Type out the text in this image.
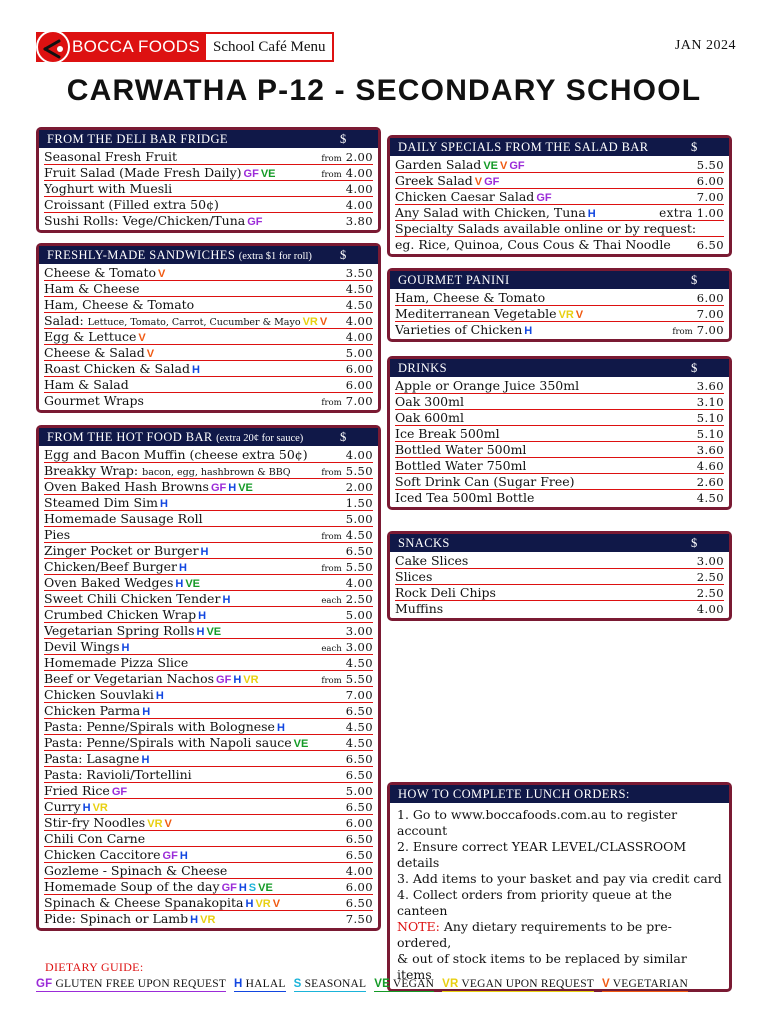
BOCCA FOODS School Café Menu	JAN 2024
CARWATHA P-12 - SECONDARY SCHOOL
FROM THE DELI BAR FRIDGE	$
Seasonal Fresh Fruit	from 2.00
Fruit Salad (Made Fresh Daily) GF VE	from 4.00
Yoghurt with Muesli	4.00
Croissant (Filled extra 50¢)	4.00
Sushi Rolls: Vege/Chicken/Tuna GF	3.80
FRESHLY-MADE SANDWICHES (extra $1 for roll) $
Cheese & Tomato V	3.50
Ham & Cheese	4.50
Ham, Cheese & Tomato	4.50
Salad: Lettuce, Tomato, Carrot, Cucumber & Mayo VR V	4.00
Egg & Lettuce V	4.00
Cheese & Salad V	5.00
Roast Chicken & Salad H	6.00
Ham & Salad	6.00
Gourmet Wraps	from 7.00
FROM THE HOT FOOD BAR (extra 20¢ for sauce)	$
Egg and Bacon Muffin (cheese extra 50¢)	4.00
Breakky Wrap: bacon, egg, hashbrown & BBQ	from 5.50
Oven Baked Hash Browns GF H VE	2.00
Steamed Dim Sim H	1.50
Homemade Sausage Roll	5.00
Pies	from 4.50
Zinger Pocket or Burger H	6.50
Chicken/Beef Burger H	from 5.50
Oven Baked Wedges H VE	4.00
Sweet Chili Chicken Tender H	each 2.50
Crumbed Chicken Wrap H	5.00
Vegetarian Spring Rolls H VE	3.00
Devil Wings H	each 3.00
Homemade Pizza Slice	4.50
Beef or Vegetarian Nachos GF H VR	from 5.50
Chicken Souvlaki H	7.00
Chicken Parma H	6.50
Pasta: Penne/Spirals with Bolognese H	4.50
Pasta: Penne/Spirals with Napoli sauce VE	4.50
Pasta: Lasagne H	6.50
Pasta: Ravioli/Tortellini	6.50
Fried Rice GF	5.00
Curry H VR	6.50
Stir-fry Noodles VR V	6.00
Chili Con Carne	6.50
Chicken Caccitore GF H	6.50
Gozleme - Spinach & Cheese	4.00
Homemade Soup of the day GF H S VE	6.00
Spinach & Cheese Spanakopita H VR V	6.50
Pide: Spinach or Lamb H VR	7.50
DAILY SPECIALS FROM THE SALAD BAR	$
Garden Salad VE V GF	5.50
Greek Salad V GF	6.00
Chicken Caesar Salad GF	7.00
Any Salad with Chicken, Tuna H	extra 1.00
Specialty Salads available online or by request:
eg. Rice, Quinoa, Cous Cous & Thai Noodle	6.50
GOURMET PANINI	$
Ham, Cheese & Tomato	6.00
Mediterranean Vegetable VR V	7.00
Varieties of Chicken H	from 7.00
DRINKS	$
Apple or Orange Juice 350ml	3.60
Oak 300ml	3.10
Oak 600ml	5.10
Ice Break 500ml	5.10
Bottled Water 500ml	3.60
Bottled Water 750ml	4.60
Soft Drink Can (Sugar Free)	2.60
Iced Tea 500ml Bottle	4.50
SNACKS	$
Cake Slices	3.00
Slices	2.50
Rock Deli Chips	2.50
Muffins	4.00
HOW TO COMPLETE LUNCH ORDERS:
1. Go to www.boccafoods.com.au to register account
2. Ensure correct YEAR LEVEL/CLASSROOM details
3. Add items to your basket and pay via credit card
4. Collect orders from priority queue at the canteen
NOTE: Any dietary requirements to be pre-ordered,
& out of stock items to be replaced by similar items
DIETARY GUIDE:
GF GLUTEN FREE UPON REQUEST H HALAL S SEASONAL VE VEGAN VR VEGAN UPON REQUEST V VEGETARIAN
